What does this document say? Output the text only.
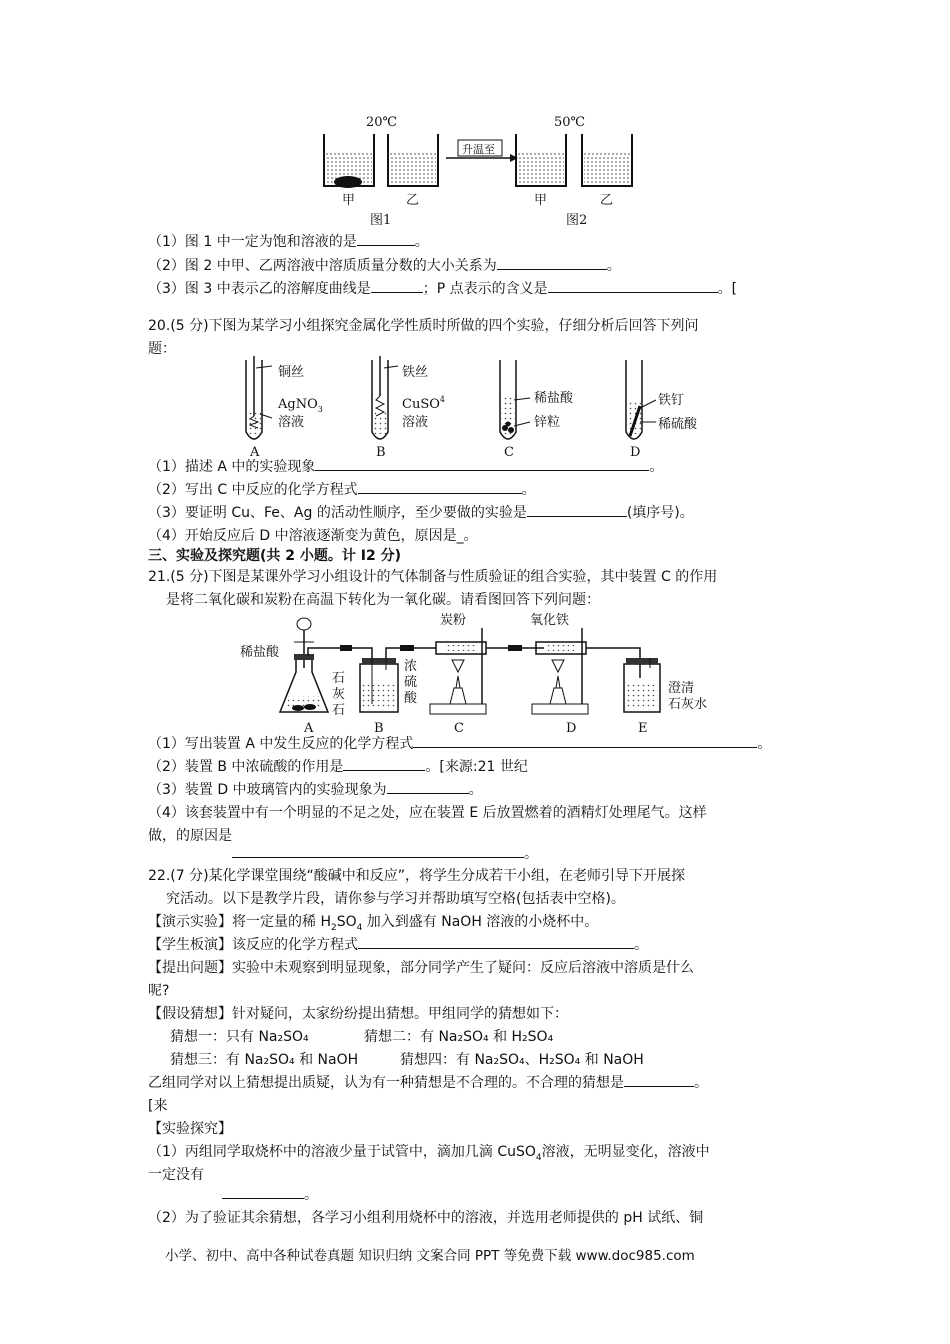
20℃	50℃
升温至
甲	乙	甲	乙
图1	图2
（1）图 1 中一定为饱和溶液的是	。
（2）图 2 中甲、乙两溶液中溶质质量分数的大小关系为	。
（3）图 3 中表示乙的溶解度曲线是	；P 点表示的含义是	。[
20.(5 分)下图为某学习小组探究金属化学性质时所做的四个实验，仔细分析后回答下列问
题：
铜丝
AgNO$_3$
溶液
A
铁丝
CuSO$^4$
溶液
B
稀盐酸
锌粒
C
铁钉
稀硫酸
D
（1）描述 A 中的实验现象	。
（2）写出 C 中反应的化学方程式	。
（3）要证明 Cu、Fe、Ag 的活动性顺序，至少要做的实验是	(填序号)。
（4）开始反应后 D 中溶液逐渐变为黄色，原因是_。
三、实验及探究题(共 2 小题。计 I2 分)
21.(5 分)下图是某课外学习小组设计的气体制备与性质验证的组合实验，其中装置 C 的作用
是将二氧化碳和炭粉在高温下转化为一氧化碳。请看图回答下列问题：
稀盐酸
石
灰
石
浓
硫
酸
炭粉	氧化铁
澄清
石灰水
A	B	C	D	E
（1）写出装置 A 中发生反应的化学方程式	。
（2）装置 B 中浓硫酸的作用是	。[来源:21 世纪
（3）装置 D 中玻璃管内的实验现象为	。
（4）该套装置中有一个明显的不足之处，应在装置 E 后放置燃着的酒精灯处理尾气。这样
做，的原因是
。
22.(7 分)某化学课堂围绕“酸碱中和反应”，将学生分成若干小组，在老师引导下开展探
究活动。以下是教学片段，请你参与学习并帮助填写空格(包括表中空格)。
【演示实验】将一定量的稀 $H_2SO_4$ 加入到盛有 NaOH 溶液的小烧杯中。
【学生板演】该反应的化学方程式	。
【提出问题】实验中未观察到明显现象，部分同学产生了疑问：反应后溶液中溶质是什么
呢?
【假设猜想】针对疑问，太家纷纷提出猜想。甲组同学的猜想如下：
猜想一：只有 Na₂SO₄	猜想二：有 Na₂SO₄ 和 H₂SO₄
猜想三：有 Na₂SO₄ 和 NaOH	猜想四：有 Na₂SO₄、H₂SO₄ 和 NaOH
乙组同学对以上猜想提出质疑，认为有一种猜想是不合理的。不合理的猜想是	。
[来
【实验探究】
（1）丙组同学取烧杯中的溶液少量于试管中，滴加几滴 CuSO$_4$溶液，无明显变化，溶液中
一定没有
。
（2）为了验证其余猜想，各学习小组利用烧杯中的溶液，并选用老师提供的 pH 试纸、铜
小学、初中、高中各种试卷真题 知识归纳 文案合同 PPT 等免费下载 www.doc985.com
